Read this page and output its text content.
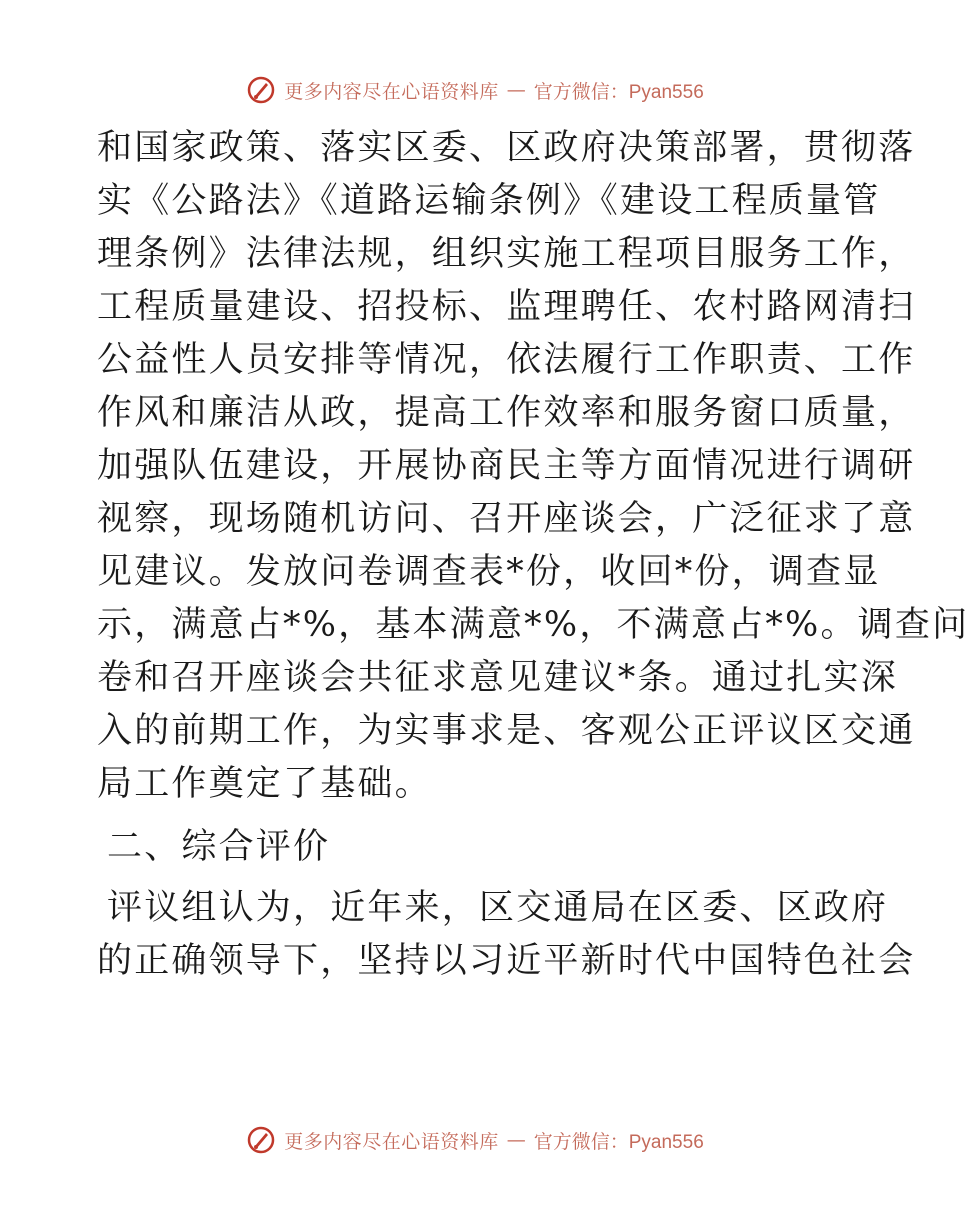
更多内容尽在心语资料库 — 官方微信：Pyan556
和国家政策、落实区委、区政府决策部署，贯彻落
实《公路法》《道路运输条例》《建设工程质量管
理条例》法律法规，组织实施工程项目服务工作，
工程质量建设、招投标、监理聘任、农村路网清扫
公益性人员安排等情况，依法履行工作职责、工作
作风和廉洁从政，提高工作效率和服务窗口质量，
加强队伍建设，开展协商民主等方面情况进行调研
视察，现场随机访问、召开座谈会，广泛征求了意
见建议。发放问卷调查表*份，收回*份，调查显
示，满意占*%，基本满意*%，不满意占*%。调查问
卷和召开座谈会共征求意见建议*条。通过扎实深
入的前期工作，为实事求是、客观公正评议区交通
局工作奠定了基础。
二、综合评价
评议组认为，近年来，区交通局在区委、区政府
的正确领导下，坚持以习近平新时代中国特色社会
更多内容尽在心语资料库 — 官方微信：Pyan556
